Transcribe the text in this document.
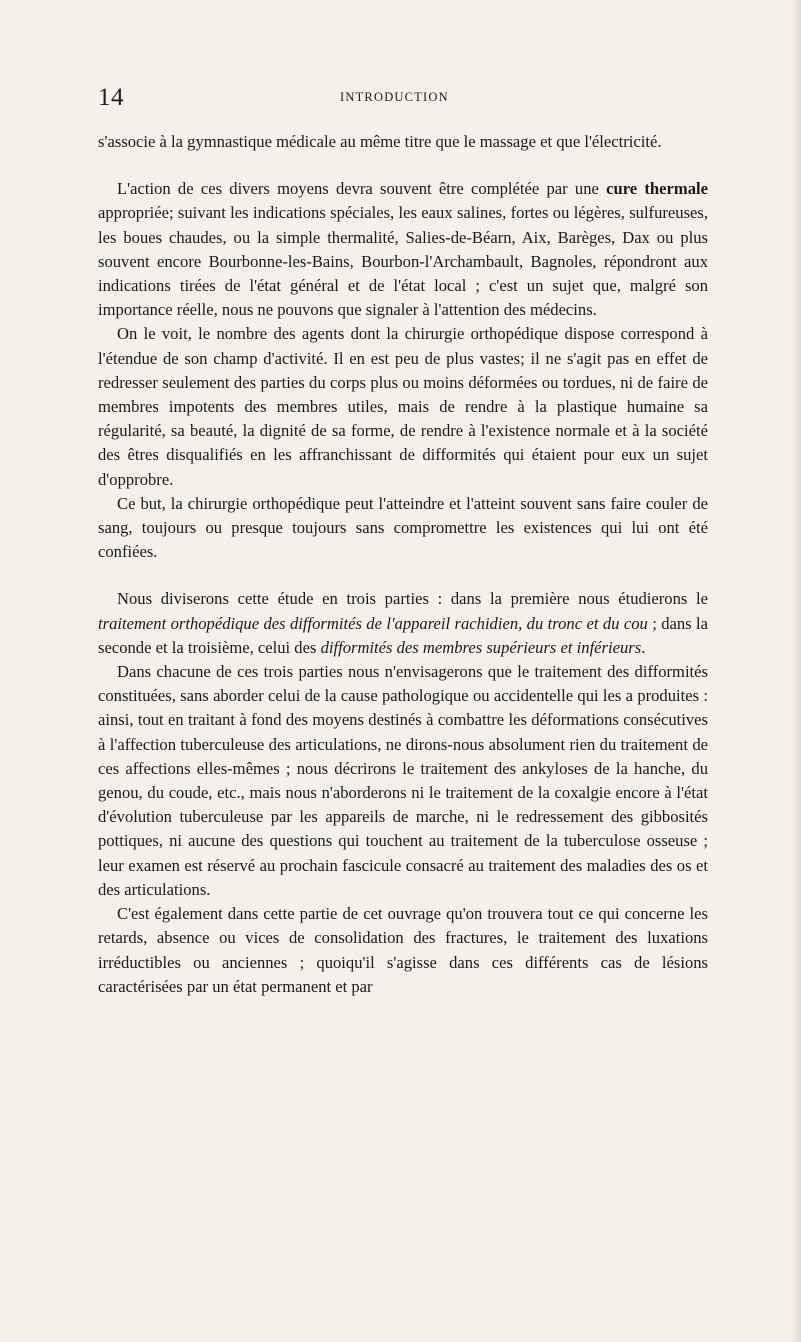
14	INTRODUCTION

s'associe à la gymnastique médicale au même titre que le massage et que l'électricité.

L'action de ces divers moyens devra souvent être complétée par une cure thermale appropriée; suivant les indications spéciales, les eaux salines, fortes ou légères, sulfureuses, les boues chaudes, ou la simple thermalité, Salies-de-Béarn, Aix, Barèges, Dax ou plus souvent encore Bourbonne-les-Bains, Bourbon-l'Archambault, Bagnoles, répondront aux indications tirées de l'état général et de l'état local ; c'est un sujet que, malgré son importance réelle, nous ne pouvons que signaler à l'attention des médecins.

On le voit, le nombre des agents dont la chirurgie orthopédique dispose correspond à l'étendue de son champ d'activité. Il en est peu de plus vastes; il ne s'agit pas en effet de redresser seulement des parties du corps plus ou moins déformées ou tordues, ni de faire de membres impotents des membres utiles, mais de rendre à la plastique humaine sa régularité, sa beauté, la dignité de sa forme, de rendre à l'existence normale et à la société des êtres disqualifiés en les affranchissant de difformités qui étaient pour eux un sujet d'opprobre.

Ce but, la chirurgie orthopédique peut l'atteindre et l'atteint souvent sans faire couler de sang, toujours ou presque toujours sans compromettre les existences qui lui ont été confiées.

Nous diviserons cette étude en trois parties : dans la première nous étudierons le traitement orthopédique des difformités de l'appareil rachidien, du tronc et du cou ; dans la seconde et la troisième, celui des difformités des membres supérieurs et inférieurs.

Dans chacune de ces trois parties nous n'envisagerons que le traitement des difformités constituées, sans aborder celui de la cause pathologique ou accidentelle qui les a produites : ainsi, tout en traitant à fond des moyens destinés à combattre les déformations consécutives à l'affection tuberculeuse des articulations, ne dirons-nous absolument rien du traitement de ces affections elles-mêmes ; nous décrirons le traitement des ankyloses de la hanche, du genou, du coude, etc., mais nous n'aborderons ni le traitement de la coxalgie encore à l'état d'évolution tuberculeuse par les appareils de marche, ni le redressement des gibbosités pottiques, ni aucune des questions qui touchent au traitement de la tuberculose osseuse ; leur examen est réservé au prochain fascicule consacré au traitement des maladies des os et des articulations.

C'est également dans cette partie de cet ouvrage qu'on trouvera tout ce qui concerne les retards, absence ou vices de consolidation des fractures, le traitement des luxations irréductibles ou anciennes ; quoiqu'il s'agisse dans ces différents cas de lésions caractérisées par un état permanent et par
